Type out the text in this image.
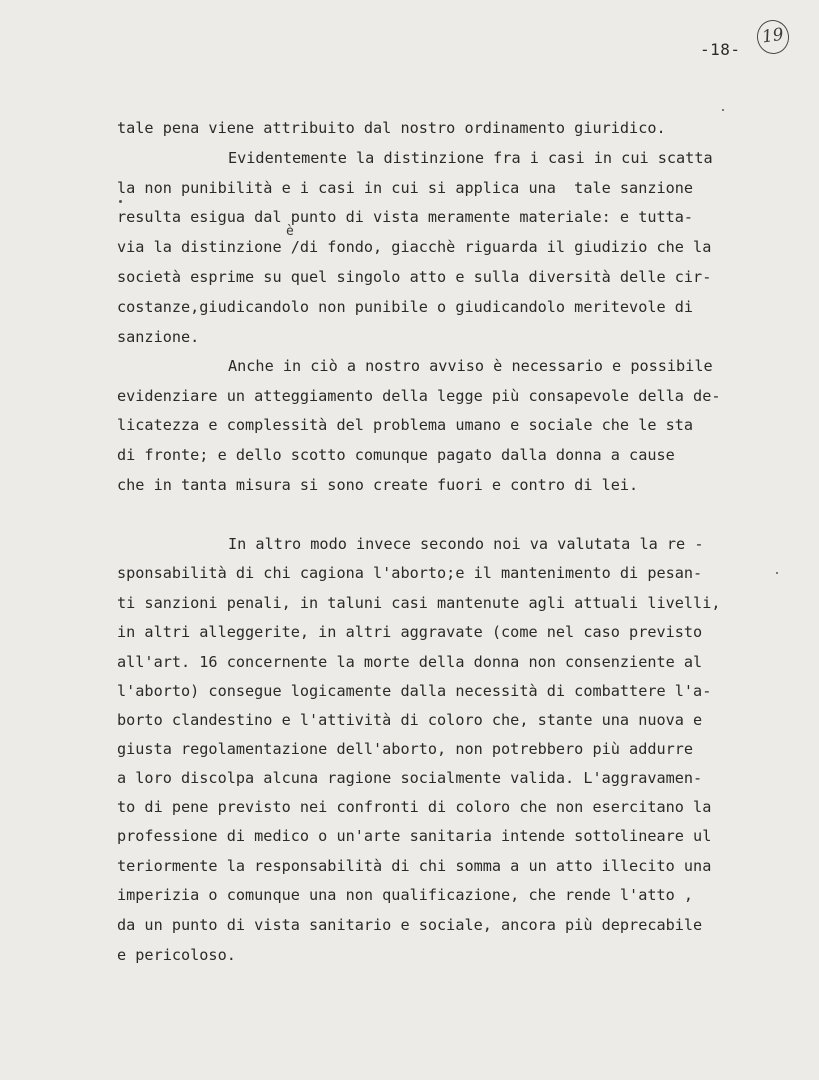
-18-
19
tale pena viene attribuito dal nostro ordinamento giuridico.
Evidentemente la distinzione fra i casi in cui scatta
la non punibilità e i casi in cui si applica una  tale sanzione
resulta esigua dal punto di vista meramente materiale: e tutta-
via la distinzione /di fondo, giacchè riguarda il giudizio che la
è
società esprime su quel singolo atto e sulla diversità delle cir-
costanze,giudicandolo non punibile o giudicandolo meritevole di
sanzione.
Anche in ciò a nostro avviso è necessario e possibile
evidenziare un atteggiamento della legge più consapevole della de-
licatezza e complessità del problema umano e sociale che le sta
di fronte; e dello scotto comunque pagato dalla donna a cause
che in tanta misura si sono create fuori e contro di lei.
In altro modo invece secondo noi va valutata la re -
sponsabilità di chi cagiona l'aborto;e il mantenimento di pesan-
ti sanzioni penali, in taluni casi mantenute agli attuali livelli,
in altri alleggerite, in altri aggravate (come nel caso previsto
all'art. 16 concernente la morte della donna non consenziente al
l'aborto) consegue logicamente dalla necessità di combattere l'a-
borto clandestino e l'attività di coloro che, stante una nuova e
giusta regolamentazione dell'aborto, non potrebbero più addurre
a loro discolpa alcuna ragione socialmente valida. L'aggravamen-
to di pene previsto nei confronti di coloro che non esercitano la
professione di medico o un'arte sanitaria intende sottolineare ul
teriormente la responsabilità di chi somma a un atto illecito una
imperizia o comunque una non qualificazione, che rende l'atto ,
da un punto di vista sanitario e sociale, ancora più deprecabile
e pericoloso.
